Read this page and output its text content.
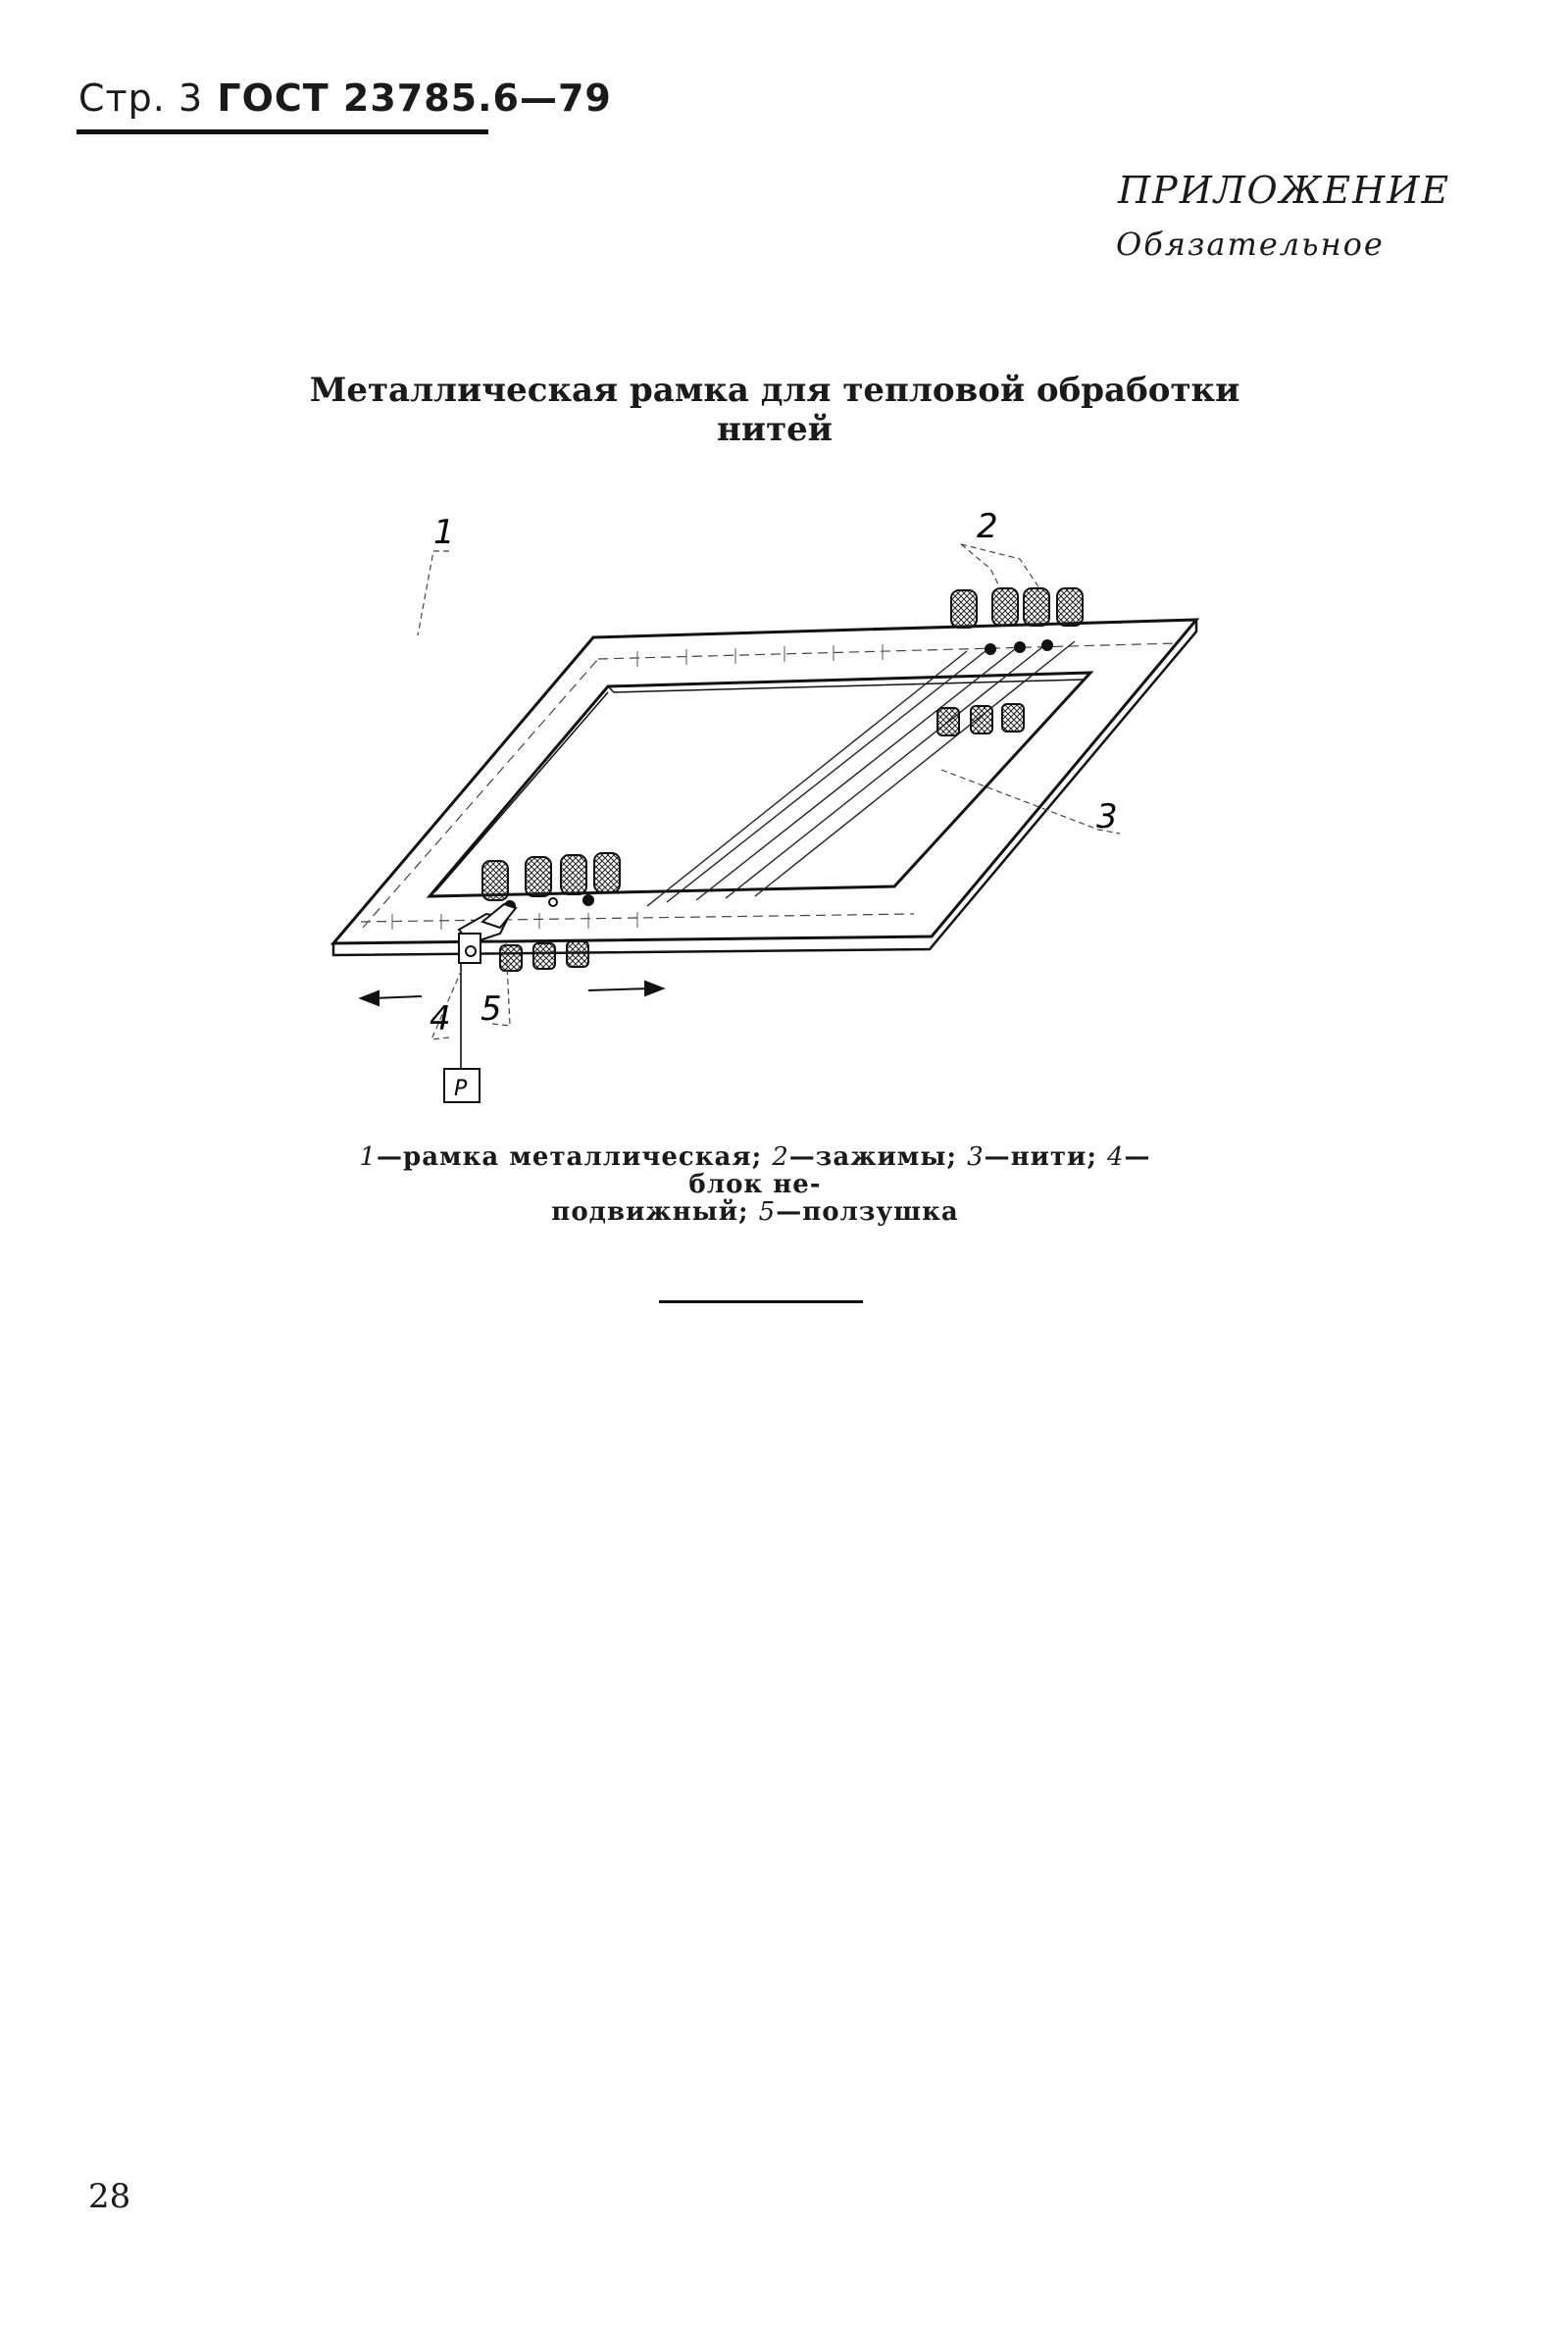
Стр. 3 ГОСТ 23785.6—79
ПРИЛОЖЕНИЕ
Обязательное
Металлическая рамка для тепловой обработки
нитей
P
1	2
3
4 5
1—рамка металлическая; 2—зажимы; 3—нити; 4—блок не-
подвижный; 5—ползушка
28
